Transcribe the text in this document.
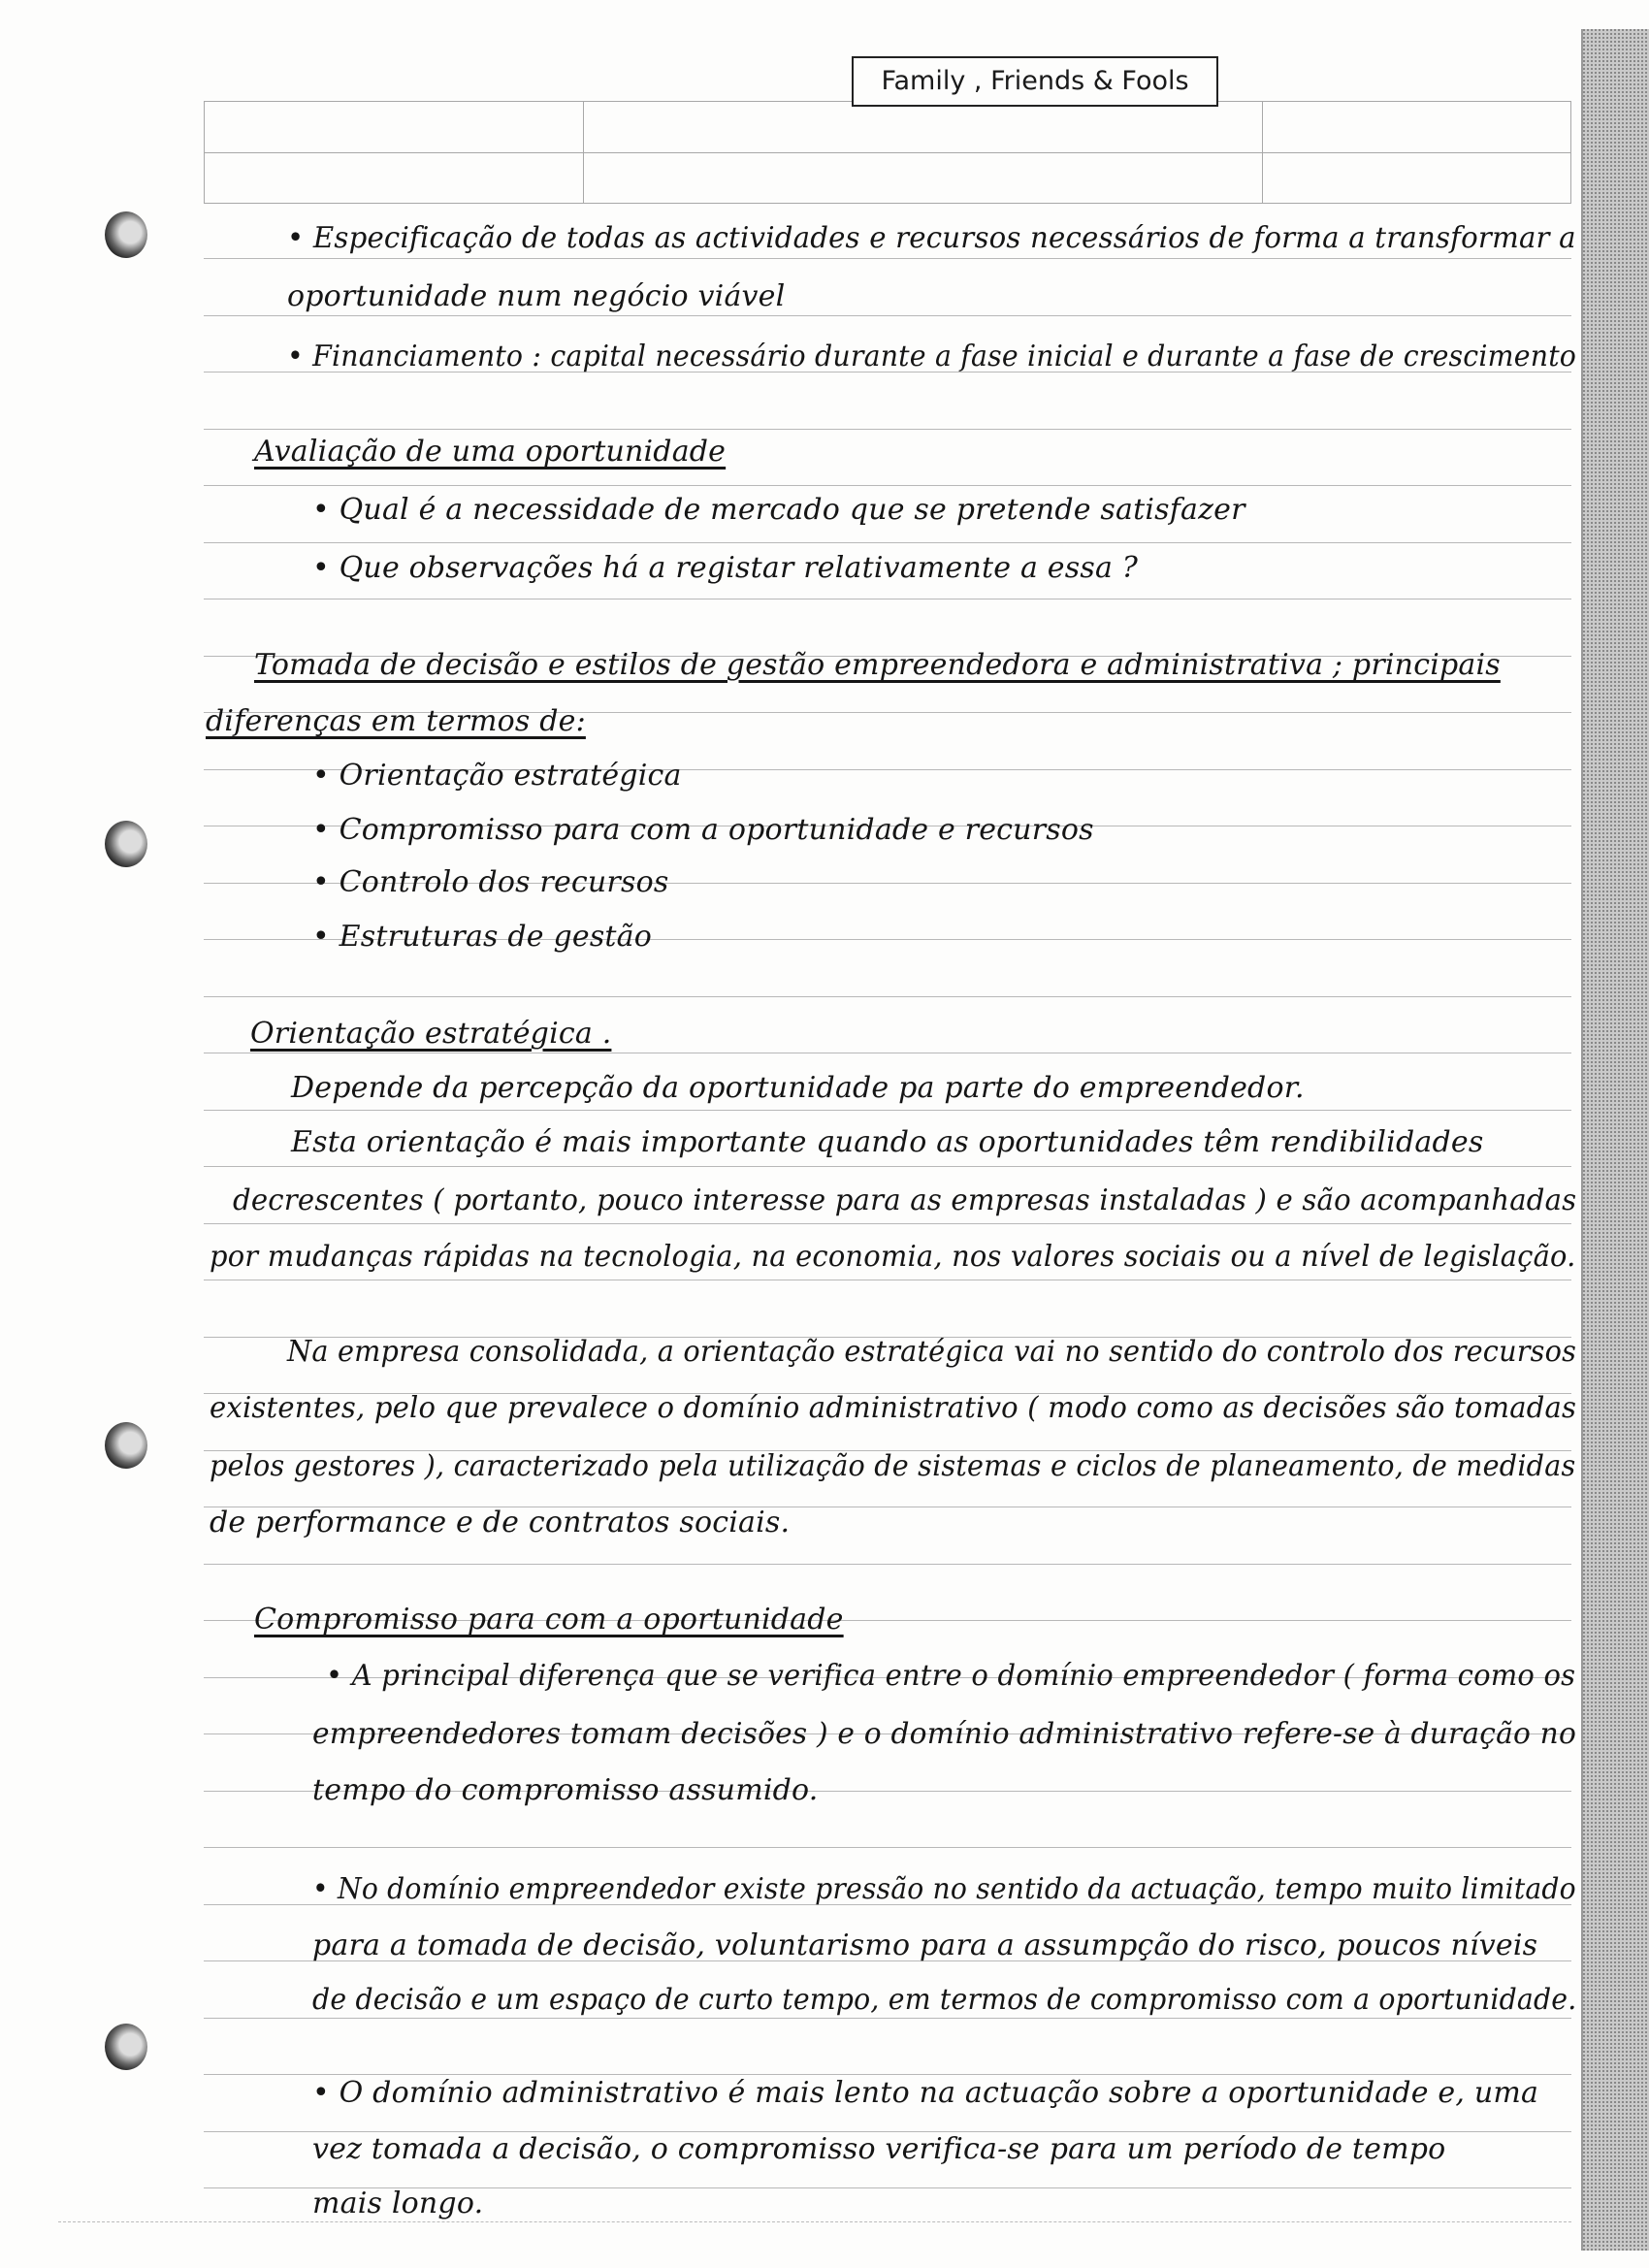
Family , Friends & Fools
• Especificação de todas as actividades e recursos necessários de forma a transformar a
oportunidade num negócio viável
• Financiamento : capital necessário durante a fase inicial e durante a fase de crescimento
Avaliação de uma oportunidade
• Qual é a necessidade de mercado que se pretende satisfazer
• Que observações há a registar relativamente a essa ?
Tomada de decisão e estilos de gestão empreendedora e administrativa ; principais
diferenças em termos de:
• Orientação estratégica
• Compromisso para com a oportunidade e recursos
• Controlo dos recursos
• Estruturas de gestão
Orientação estratégica .
Depende da percepção da oportunidade pa parte do empreendedor.
Esta orientação é mais importante quando as oportunidades têm rendibilidades
decrescentes ( portanto, pouco interesse para as empresas instaladas ) e são acompanhadas
por mudanças rápidas na tecnologia, na economia, nos valores sociais ou a nível de legislação.
Na empresa consolidada, a orientação estratégica vai no sentido do controlo dos recursos
existentes, pelo que prevalece o domínio administrativo ( modo como as decisões são tomadas
pelos gestores ), caracterizado pela utilização de sistemas e ciclos de planeamento, de medidas
de performance e de contratos sociais.
Compromisso para com a oportunidade
• A principal diferença que se verifica entre o domínio empreendedor ( forma como os
empreendedores tomam decisões ) e o domínio administrativo refere-se à duração no
tempo do compromisso assumido.
• No domínio empreendedor existe pressão no sentido da actuação, tempo muito limitado
para a tomada de decisão, voluntarismo para a assumpção do risco, poucos níveis
de decisão e um espaço de curto tempo, em termos de compromisso com a oportunidade.
• O domínio administrativo é mais lento na actuação sobre a oportunidade e, uma
vez tomada a decisão, o compromisso verifica-se para um período de tempo
mais longo.
